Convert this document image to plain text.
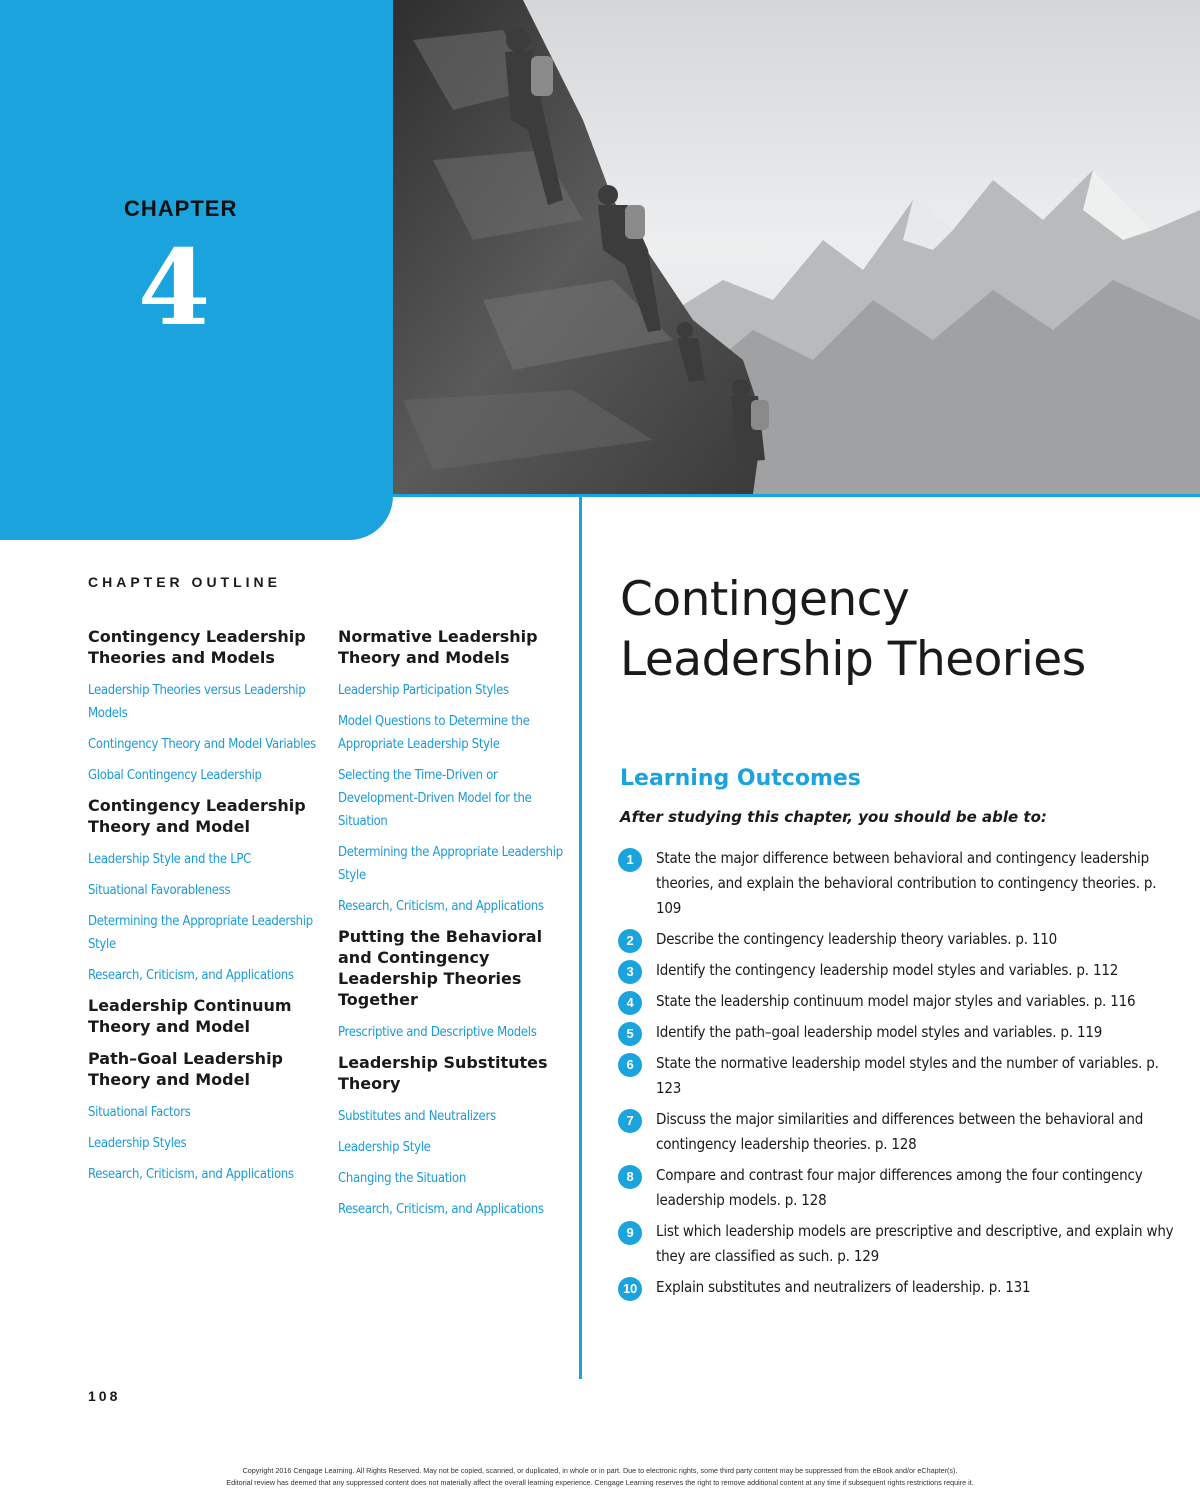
CHAPTER
4
CHAPTER OUTLINE
Contingency Leadership Theories and Models
Leadership Theories versus Leadership Models
Contingency Theory and Model Variables
Global Contingency Leadership
Contingency Leadership Theory and Model
Leadership Style and the LPC
Situational Favorableness
Determining the Appropriate Leadership Style
Research, Criticism, and Applications
Leadership Continuum Theory and Model
Path–Goal Leadership Theory and Model
Situational Factors
Leadership Styles
Research, Criticism, and Applications
Normative Leadership Theory and Models
Leadership Participation Styles
Model Questions to Determine the Appropriate Leadership Style
Selecting the Time-Driven or Development-Driven Model for the Situation
Determining the Appropriate Leadership Style
Research, Criticism, and Applications
Putting the Behavioral and Contingency Leadership Theories Together
Prescriptive and Descriptive Models
Leadership Substitutes Theory
Substitutes and Neutralizers
Leadership Style
Changing the Situation
Research, Criticism, and Applications
108
Contingency
Leadership Theories
Learning Outcomes
After studying this chapter, you should be able to:
1	State the major difference between behavioral and contingency leadership theories, and explain the behavioral contribution to contingency theories. p. 109
2	Describe the contingency leadership theory variables. p. 110
3	Identify the contingency leadership model styles and variables. p. 112
4	State the leadership continuum model major styles and variables. p. 116
5	Identify the path–goal leadership model styles and variables. p. 119
6	State the normative leadership model styles and the number of variables. p. 123
7	Discuss the major similarities and differences between the behavioral and contingency leadership theories. p. 128
8	Compare and contrast four major differences among the four contingency leadership models. p. 128
9	List which leadership models are prescriptive and descriptive, and explain why they are classified as such. p. 129
10	Explain substitutes and neutralizers of leadership. p. 131
Copyright 2016 Cengage Learning. All Rights Reserved. May not be copied, scanned, or duplicated, in whole or in part. Due to electronic rights, some third party content may be suppressed from the eBook and/or eChapter(s).
Editorial review has deemed that any suppressed content does not materially affect the overall learning experience. Cengage Learning reserves the right to remove additional content at any time if subsequent rights restrictions require it.
